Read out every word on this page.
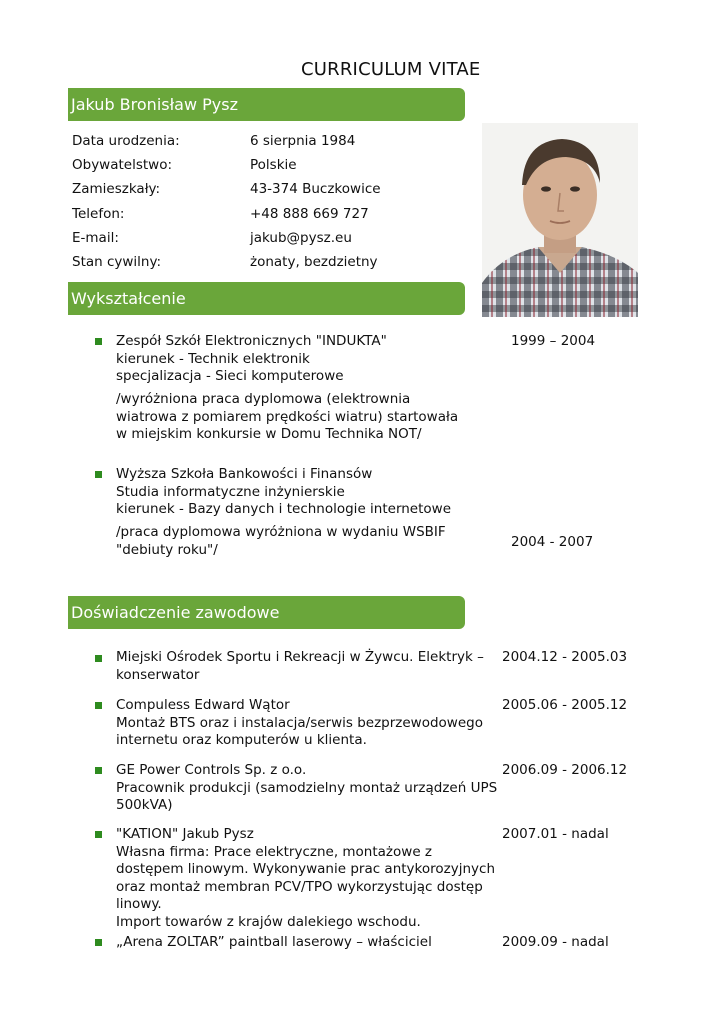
CURRICULUM VITAE
Jakub Bronisław Pysz
Data urodzenia:	6 sierpnia 1984
Obywatelstwo:	Polskie
Zamieszkały:	43-374 Buczkowice
Telefon:	+48 888 669 727
E-mail:	jakub@pysz.eu
Stan cywilny:	żonaty, bezdzietny
Wykształcenie
Zespół Szkół Elektronicznych "INDUKTA"
kierunek - Technik elektronik
specjalizacja - Sieci komputerowe
/wyróżniona praca dyplomowa (elektrownia
wiatrowa z pomiarem prędkości wiatru) startowała
w miejskim konkursie w Domu Technika NOT/
1999 – 2004
Wyższa Szkoła Bankowości i Finansów
Studia informatyczne inżynierskie
kierunek - Bazy danych i technologie internetowe
/praca dyplomowa wyróżniona w wydaniu WSBIF
"debiuty roku"/	2004 - 2007
Doświadczenie zawodowe
Miejski Ośrodek Sportu i Rekreacji w Żywcu. Elektryk –
konserwator
2004.12 - 2005.03
Compuless Edward Wątor
Montaż BTS oraz i instalacja/serwis bezprzewodowego
internetu oraz komputerów u klienta.
2005.06 - 2005.12
GE Power Controls Sp. z o.o.
Pracownik produkcji (samodzielny montaż urządzeń UPS
500kVA)
2006.09 - 2006.12
"KATION" Jakub Pysz
Własna firma: Prace elektryczne, montażowe z
dostępem linowym. Wykonywanie prac antykorozyjnych
oraz montaż membran PCV/TPO wykorzystując dostęp
linowy.
Import towarów z krajów dalekiego wschodu.
2007.01 - nadal
„Arena ZOLTAR” paintball laserowy – właściciel	2009.09 - nadal
